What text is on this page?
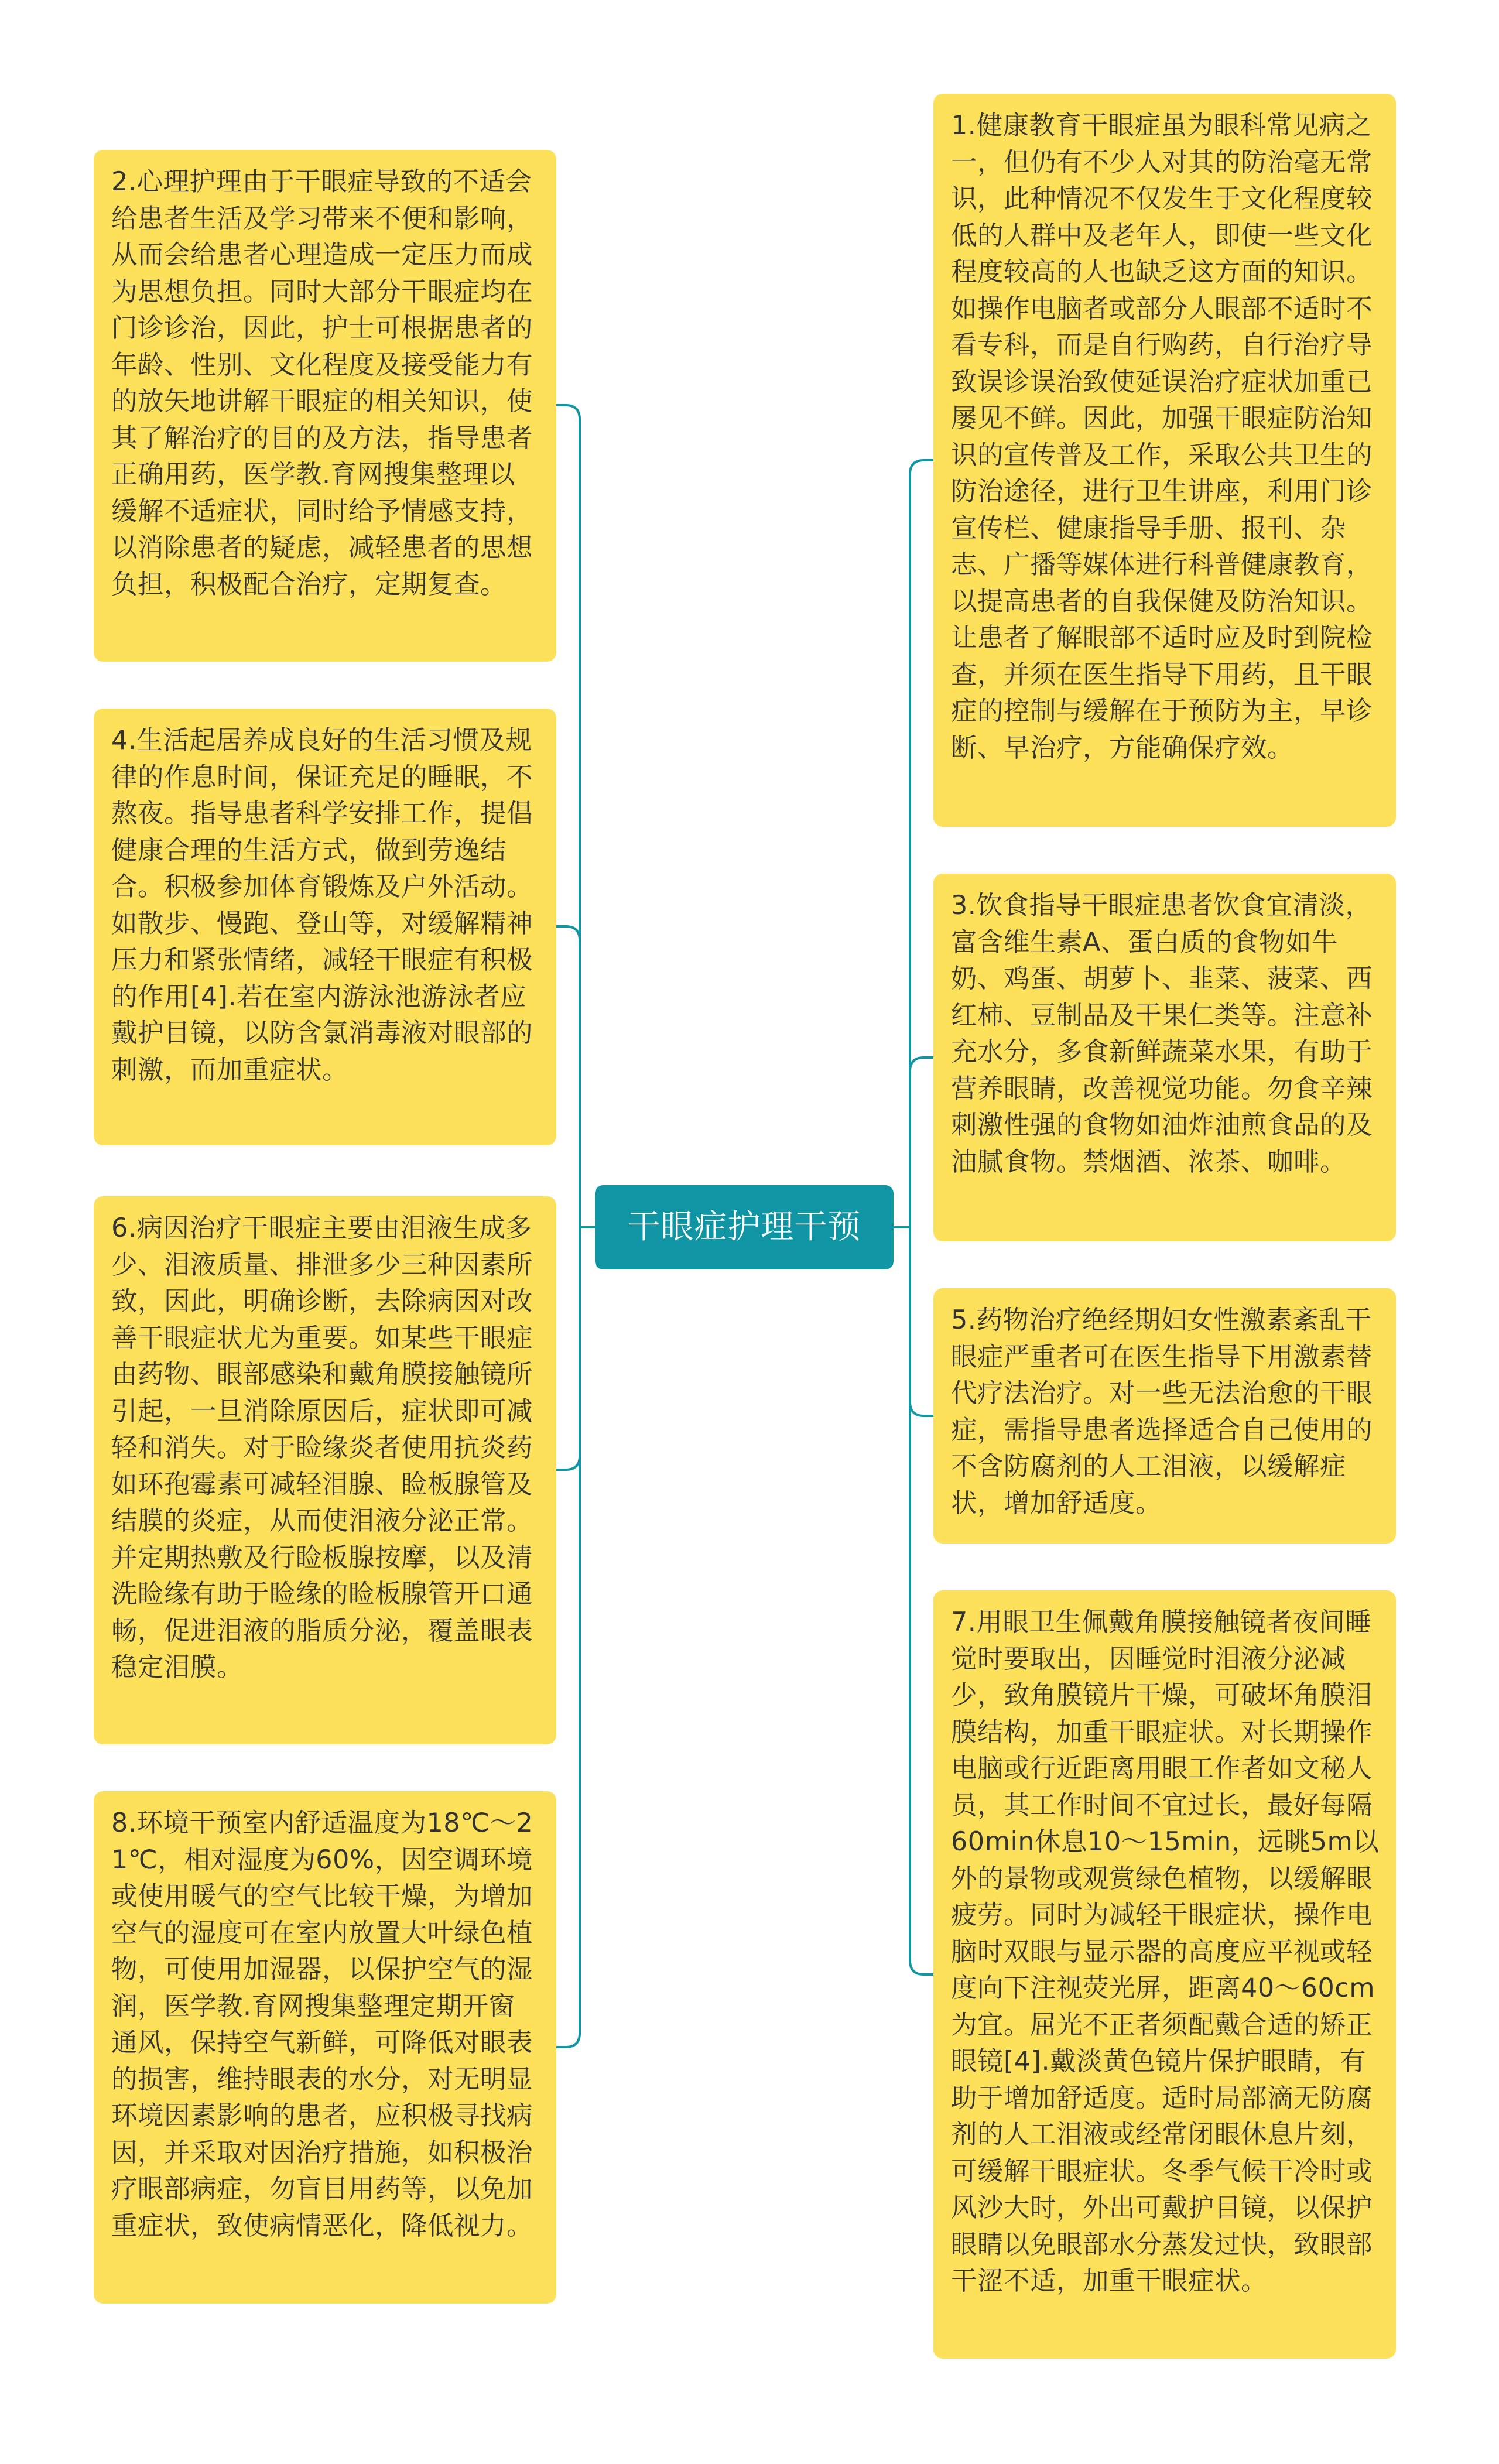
干眼症护理干预
2.心理护理由于干眼症导致的不适会给患者生活及学习带来不便和影响，从而会给患者心理造成一定压力而成为思想负担。同时大部分干眼症均在门诊诊治，因此，护士可根据患者的年龄、性别、文化程度及接受能力有的放矢地讲解干眼症的相关知识，使其了解治疗的目的及方法，指导患者正确用药，医学教.育网搜集整理以缓解不适症状，同时给予情感支持，以消除患者的疑虑，减轻患者的思想负担，积极配合治疗，定期复查。
4.生活起居养成良好的生活习惯及规律的作息时间，保证充足的睡眠，不熬夜。指导患者科学安排工作，提倡健康合理的生活方式，做到劳逸结合。积极参加体育锻炼及户外活动。如散步、慢跑、登山等，对缓解精神压力和紧张情绪，减轻干眼症有积极的作用[4].若在室内游泳池游泳者应戴护目镜，以防含氯消毒液对眼部的刺激，而加重症状。
6.病因治疗干眼症主要由泪液生成多少、泪液质量、排泄多少三种因素所致，因此，明确诊断，去除病因对改善干眼症状尤为重要。如某些干眼症由药物、眼部感染和戴角膜接触镜所引起，一旦消除原因后，症状即可减轻和消失。对于睑缘炎者使用抗炎药如环孢霉素可减轻泪腺、睑板腺管及结膜的炎症，从而使泪液分泌正常。并定期热敷及行睑板腺按摩，以及清洗睑缘有助于睑缘的睑板腺管开口通畅，促进泪液的脂质分泌，覆盖眼表稳定泪膜。
8.环境干预室内舒适温度为18℃～21℃，相对湿度为60%，因空调环境或使用暖气的空气比较干燥，为增加空气的湿度可在室内放置大叶绿色植物，可使用加湿器，以保护空气的湿润，医学教.育网搜集整理定期开窗通风，保持空气新鲜，可降低对眼表的损害，维持眼表的水分，对无明显环境因素影响的患者，应积极寻找病因，并采取对因治疗措施，如积极治疗眼部病症，勿盲目用药等，以免加重症状，致使病情恶化，降低视力。
1.健康教育干眼症虽为眼科常见病之一，但仍有不少人对其的防治毫无常识，此种情况不仅发生于文化程度较低的人群中及老年人，即使一些文化程度较高的人也缺乏这方面的知识。如操作电脑者或部分人眼部不适时不看专科，而是自行购药，自行治疗导致误诊误治致使延误治疗症状加重已屡见不鲜。因此，加强干眼症防治知识的宣传普及工作，采取公共卫生的防治途径，进行卫生讲座，利用门诊宣传栏、健康指导手册、报刊、杂志、广播等媒体进行科普健康教育，以提高患者的自我保健及防治知识。让患者了解眼部不适时应及时到院检查，并须在医生指导下用药，且干眼症的控制与缓解在于预防为主，早诊断、早治疗，方能确保疗效。
3.饮食指导干眼症患者饮食宜清淡，富含维生素A、蛋白质的食物如牛奶、鸡蛋、胡萝卜、韭菜、菠菜、西红柿、豆制品及干果仁类等。注意补充水分，多食新鲜蔬菜水果，有助于营养眼睛，改善视觉功能。勿食辛辣刺激性强的食物如油炸油煎食品的及油腻食物。禁烟酒、浓茶、咖啡。
5.药物治疗绝经期妇女性激素紊乱干眼症严重者可在医生指导下用激素替代疗法治疗。对一些无法治愈的干眼症，需指导患者选择适合自己使用的不含防腐剂的人工泪液，以缓解症状，增加舒适度。
7.用眼卫生佩戴角膜接触镜者夜间睡觉时要取出，因睡觉时泪液分泌减少，致角膜镜片干燥，可破坏角膜泪膜结构，加重干眼症状。对长期操作电脑或行近距离用眼工作者如文秘人员，其工作时间不宜过长，最好每隔60min休息10～15min，远眺5m以外的景物或观赏绿色植物，以缓解眼疲劳。同时为减轻干眼症状，操作电脑时双眼与显示器的高度应平视或轻度向下注视荧光屏，距离40～60cm为宜。屈光不正者须配戴合适的矫正眼镜[4].戴淡黄色镜片保护眼睛，有助于增加舒适度。适时局部滴无防腐剂的人工泪液或经常闭眼休息片刻，可缓解干眼症状。冬季气候干冷时或风沙大时，外出可戴护目镜，以保护眼睛以免眼部水分蒸发过快，致眼部干涩不适，加重干眼症状。
